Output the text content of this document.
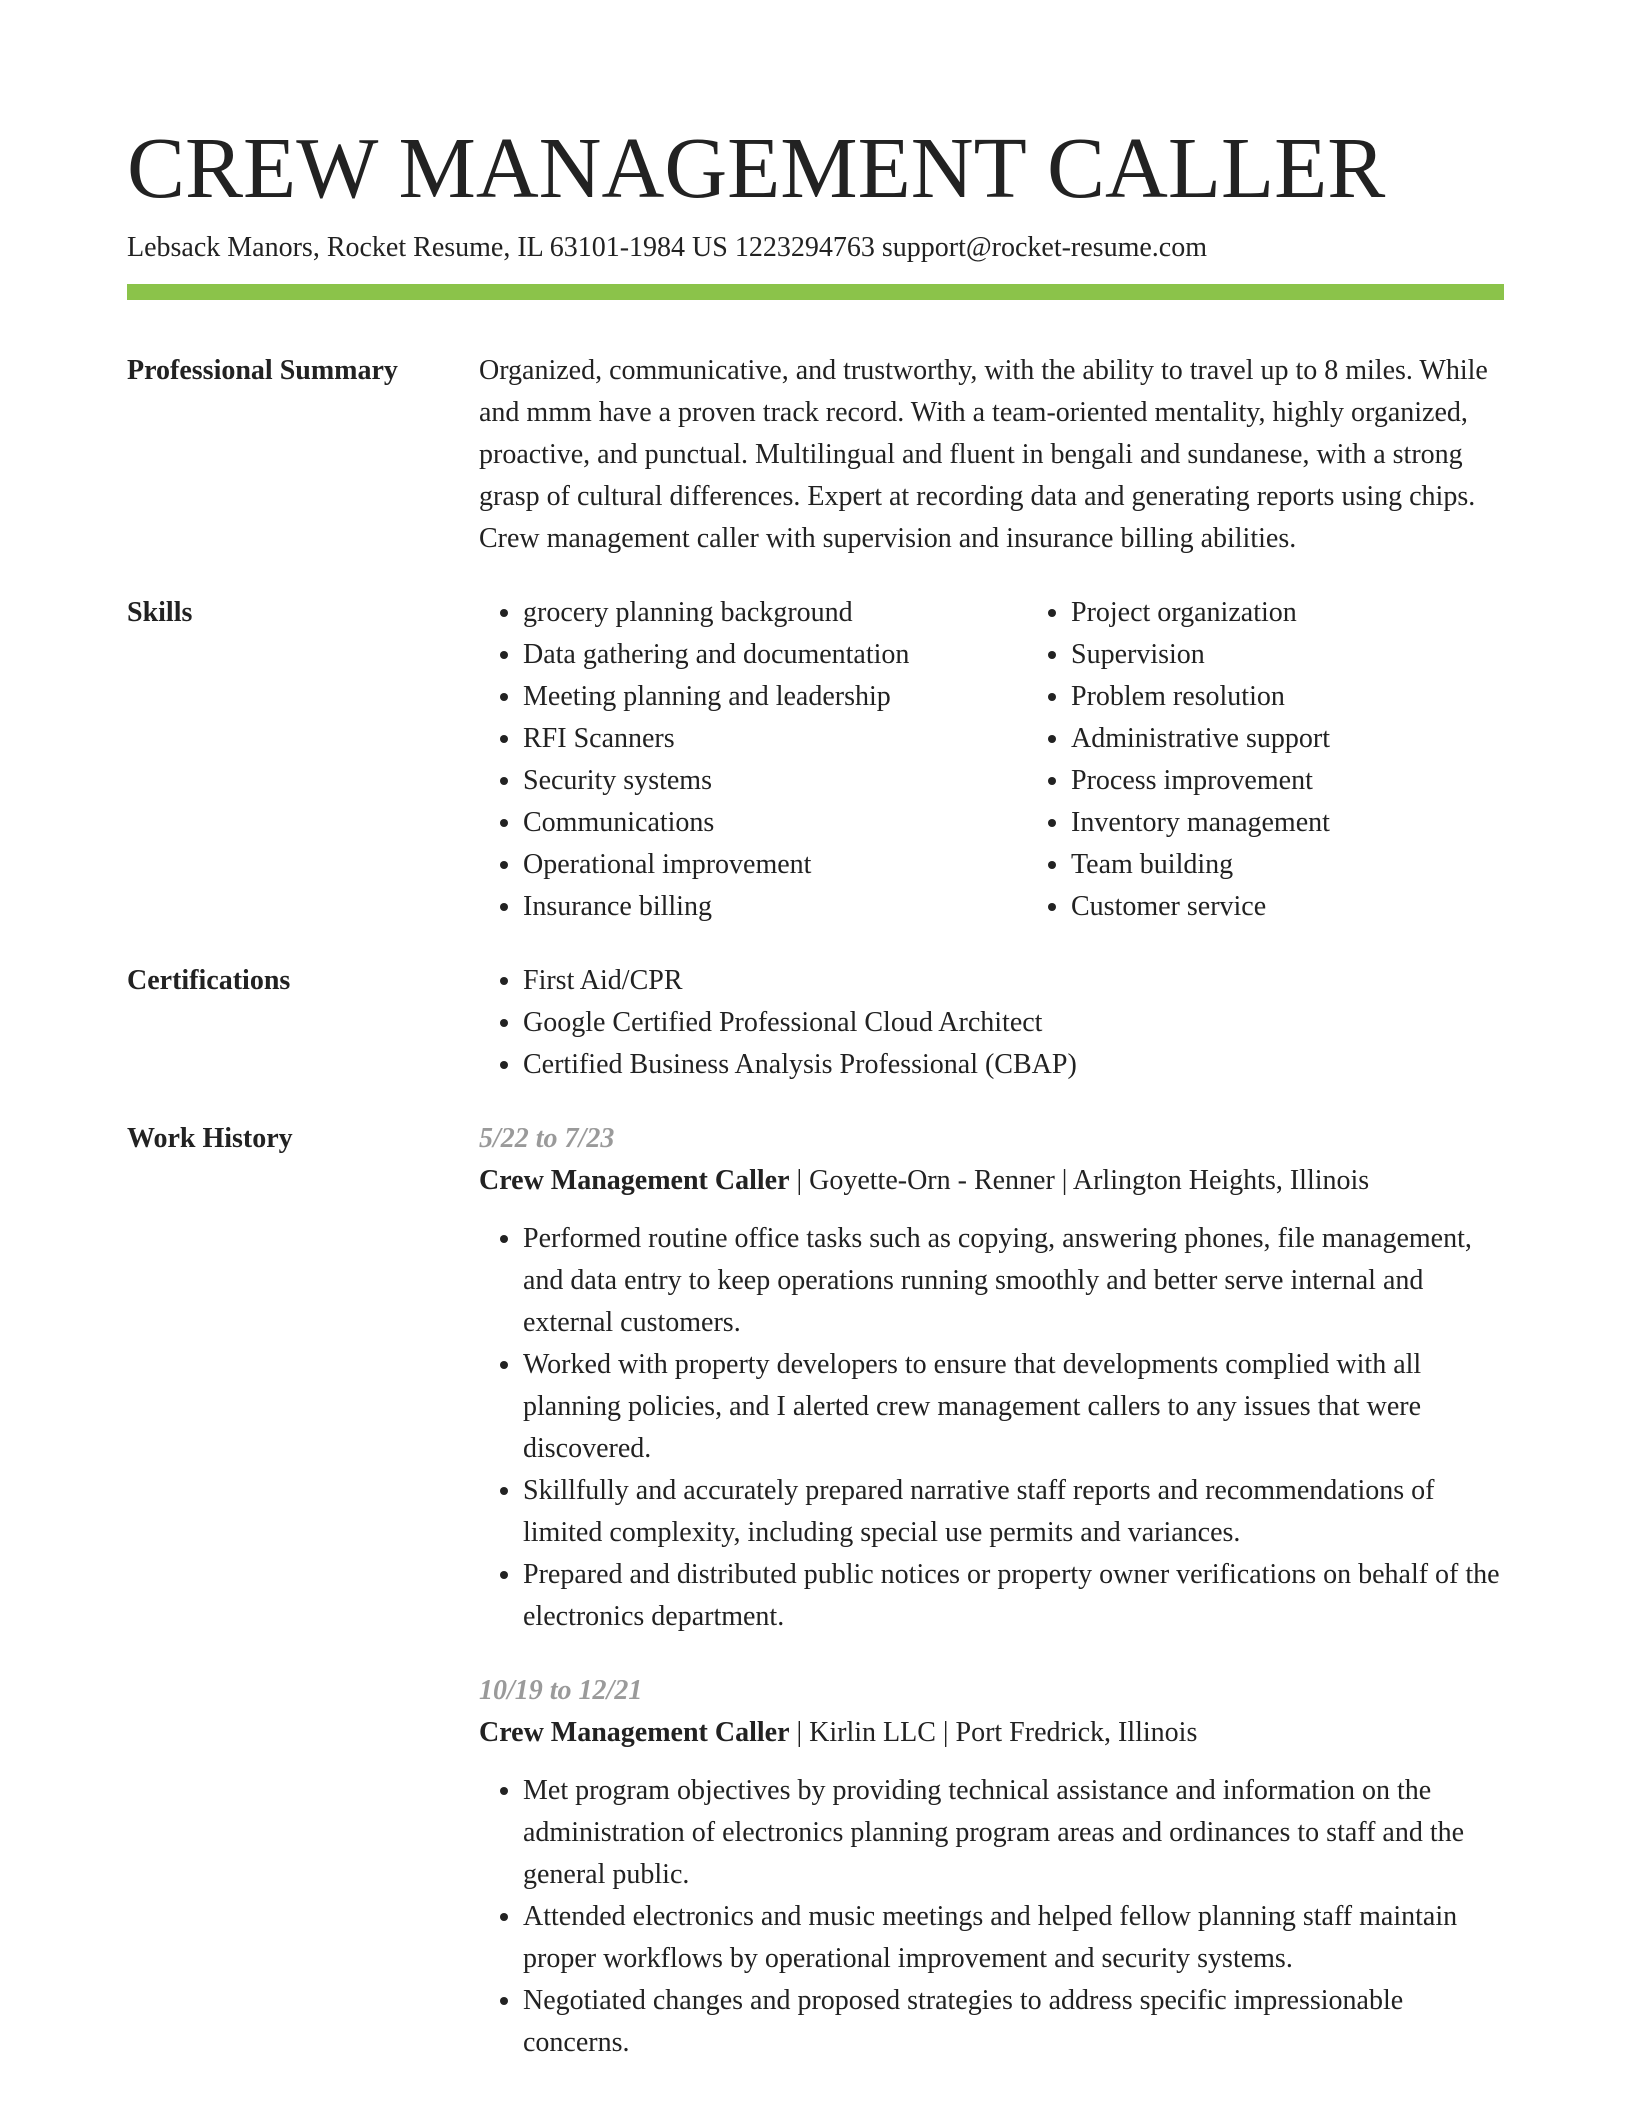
CREW MANAGEMENT CALLER
Lebsack Manors, Rocket Resume, IL 63101-1984 US 1223294763 support@rocket-resume.com
Professional Summary	Organized, communicative, and trustworthy, with the ability to travel up to 8 miles. While and mmm have a proven track record. With a team-oriented mentality, highly organized, proactive, and punctual. Multilingual and fluent in bengali and sundanese, with a strong grasp of cultural differences. Expert at recording data and generating reports using chips. Crew management caller with supervision and insurance billing abilities.
Skills	• grocery planning background
• Data gathering and documentation
• Meeting planning and leadership
• RFI Scanners
• Security systems
• Communications
• Operational improvement
• Insurance billing
• Project organization
• Supervision
• Problem resolution
• Administrative support
• Process improvement
• Inventory management
• Team building
• Customer service
Certifications	• First Aid/CPR
• Google Certified Professional Cloud Architect
• Certified Business Analysis Professional (CBAP)
Work History	5/22 to 7/23
Crew Management Caller | Goyette-Orn - Renner | Arlington Heights, Illinois
• Performed routine office tasks such as copying, answering phones, file management, and data entry to keep operations running smoothly and better serve internal and external customers.
• Worked with property developers to ensure that developments complied with all planning policies, and I alerted crew management callers to any issues that were discovered.
• Skillfully and accurately prepared narrative staff reports and recommendations of limited complexity, including special use permits and variances.
• Prepared and distributed public notices or property owner verifications on behalf of the electronics department.
10/19 to 12/21
Crew Management Caller | Kirlin LLC | Port Fredrick, Illinois
• Met program objectives by providing technical assistance and information on the administration of electronics planning program areas and ordinances to staff and the general public.
• Attended electronics and music meetings and helped fellow planning staff maintain proper workflows by operational improvement and security systems.
• Negotiated changes and proposed strategies to address specific impressionable concerns.
